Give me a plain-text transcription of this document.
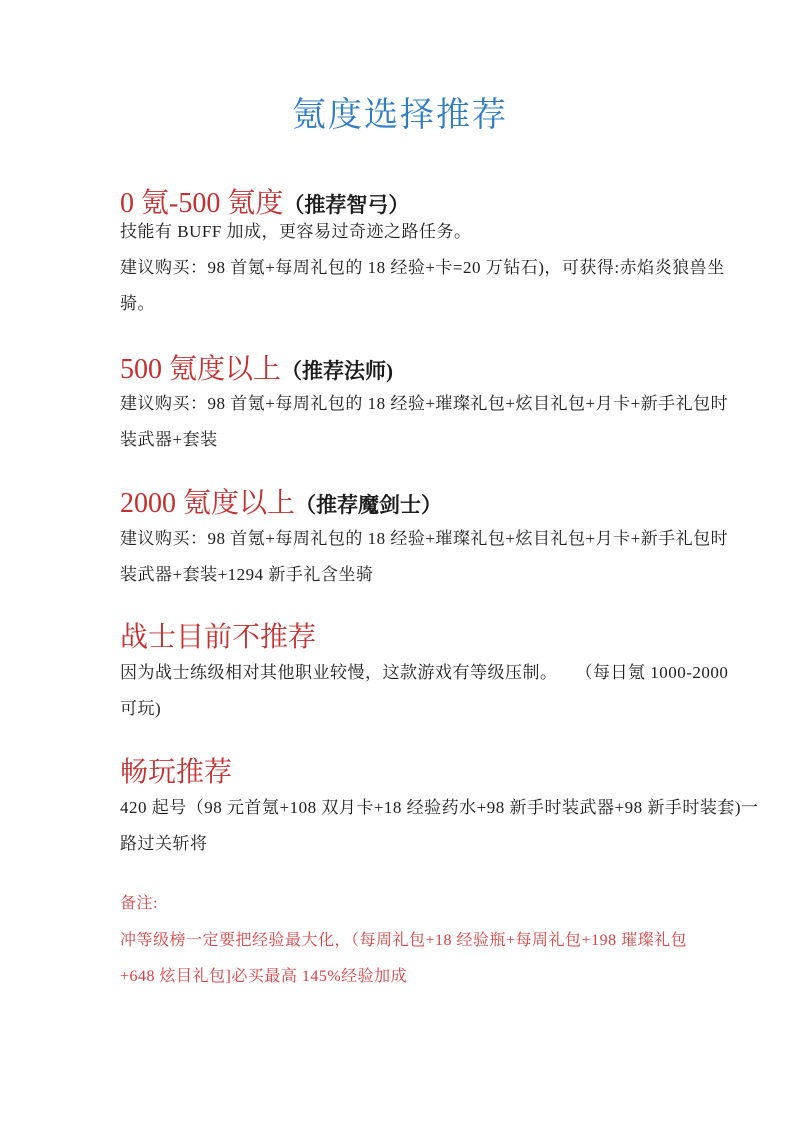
氪度选择推荐
0 氪-500 氪度（推荐智弓）
技能有 BUFF 加成，更容易过奇迹之路任务。
建议购买：98 首氪+每周礼包的 18 经验+卡=20 万钻石)，可获得:赤焰炎狼兽坐
骑。
500 氪度以上（推荐法师)
建议购买：98 首氪+每周礼包的 18 经验+璀璨礼包+炫目礼包+月卡+新手礼包时
装武器+套装
2000 氪度以上（推荐魔剑士）
建议购买：98 首氪+每周礼包的 18 经验+璀璨礼包+炫目礼包+月卡+新手礼包时
装武器+套装+1294 新手礼含坐骑
战士目前不推荐
因为战士练级相对其他职业较慢，这款游戏有等级压制。　　（每日氪 1000-2000
可玩)
畅玩推荐
420 起号（98 元首氪+108 双月卡+18 经验药水+98 新手时装武器+98 新手时装套)一
路过关斩将
备注:
冲等级榜一定要把经验最大化，（每周礼包+18 经验瓶+每周礼包+198 璀璨礼包
+648 炫目礼包]必买最高 145%经验加成
